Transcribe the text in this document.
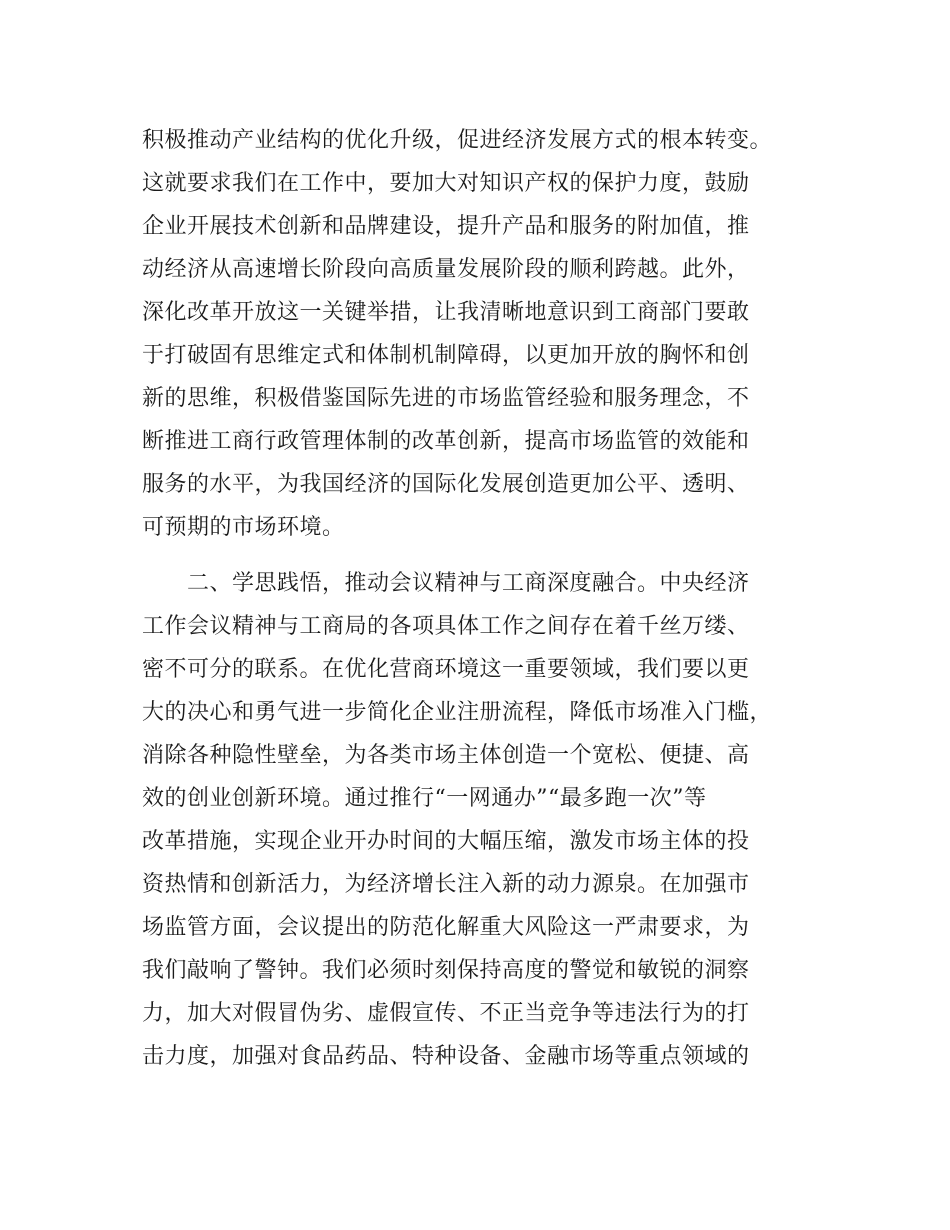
积极推动产业结构的优化升级，促进经济发展方式的根本转变。
这就要求我们在工作中，要加大对知识产权的保护力度，鼓励
企业开展技术创新和品牌建设，提升产品和服务的附加值，推
动经济从高速增长阶段向高质量发展阶段的顺利跨越。此外，
深化改革开放这一关键举措，让我清晰地意识到工商部门要敢
于打破固有思维定式和体制机制障碍，以更加开放的胸怀和创
新的思维，积极借鉴国际先进的市场监管经验和服务理念，不
断推进工商行政管理体制的改革创新，提高市场监管的效能和
服务的水平，为我国经济的国际化发展创造更加公平、透明、
可预期的市场环境。
　　二、学思践悟，推动会议精神与工商深度融合。中央经济
工作会议精神与工商局的各项具体工作之间存在着千丝万缕、
密不可分的联系。在优化营商环境这一重要领域，我们要以更
大的决心和勇气进一步简化企业注册流程，降低市场准入门槛，
消除各种隐性壁垒，为各类市场主体创造一个宽松、便捷、高
效的创业创新环境。通过推行“一网通办”“最多跑一次”等
改革措施，实现企业开办时间的大幅压缩，激发市场主体的投
资热情和创新活力，为经济增长注入新的动力源泉。在加强市
场监管方面，会议提出的防范化解重大风险这一严肃要求，为
我们敲响了警钟。我们必须时刻保持高度的警觉和敏锐的洞察
力，加大对假冒伪劣、虚假宣传、不正当竞争等违法行为的打
击力度，加强对食品药品、特种设备、金融市场等重点领域的
